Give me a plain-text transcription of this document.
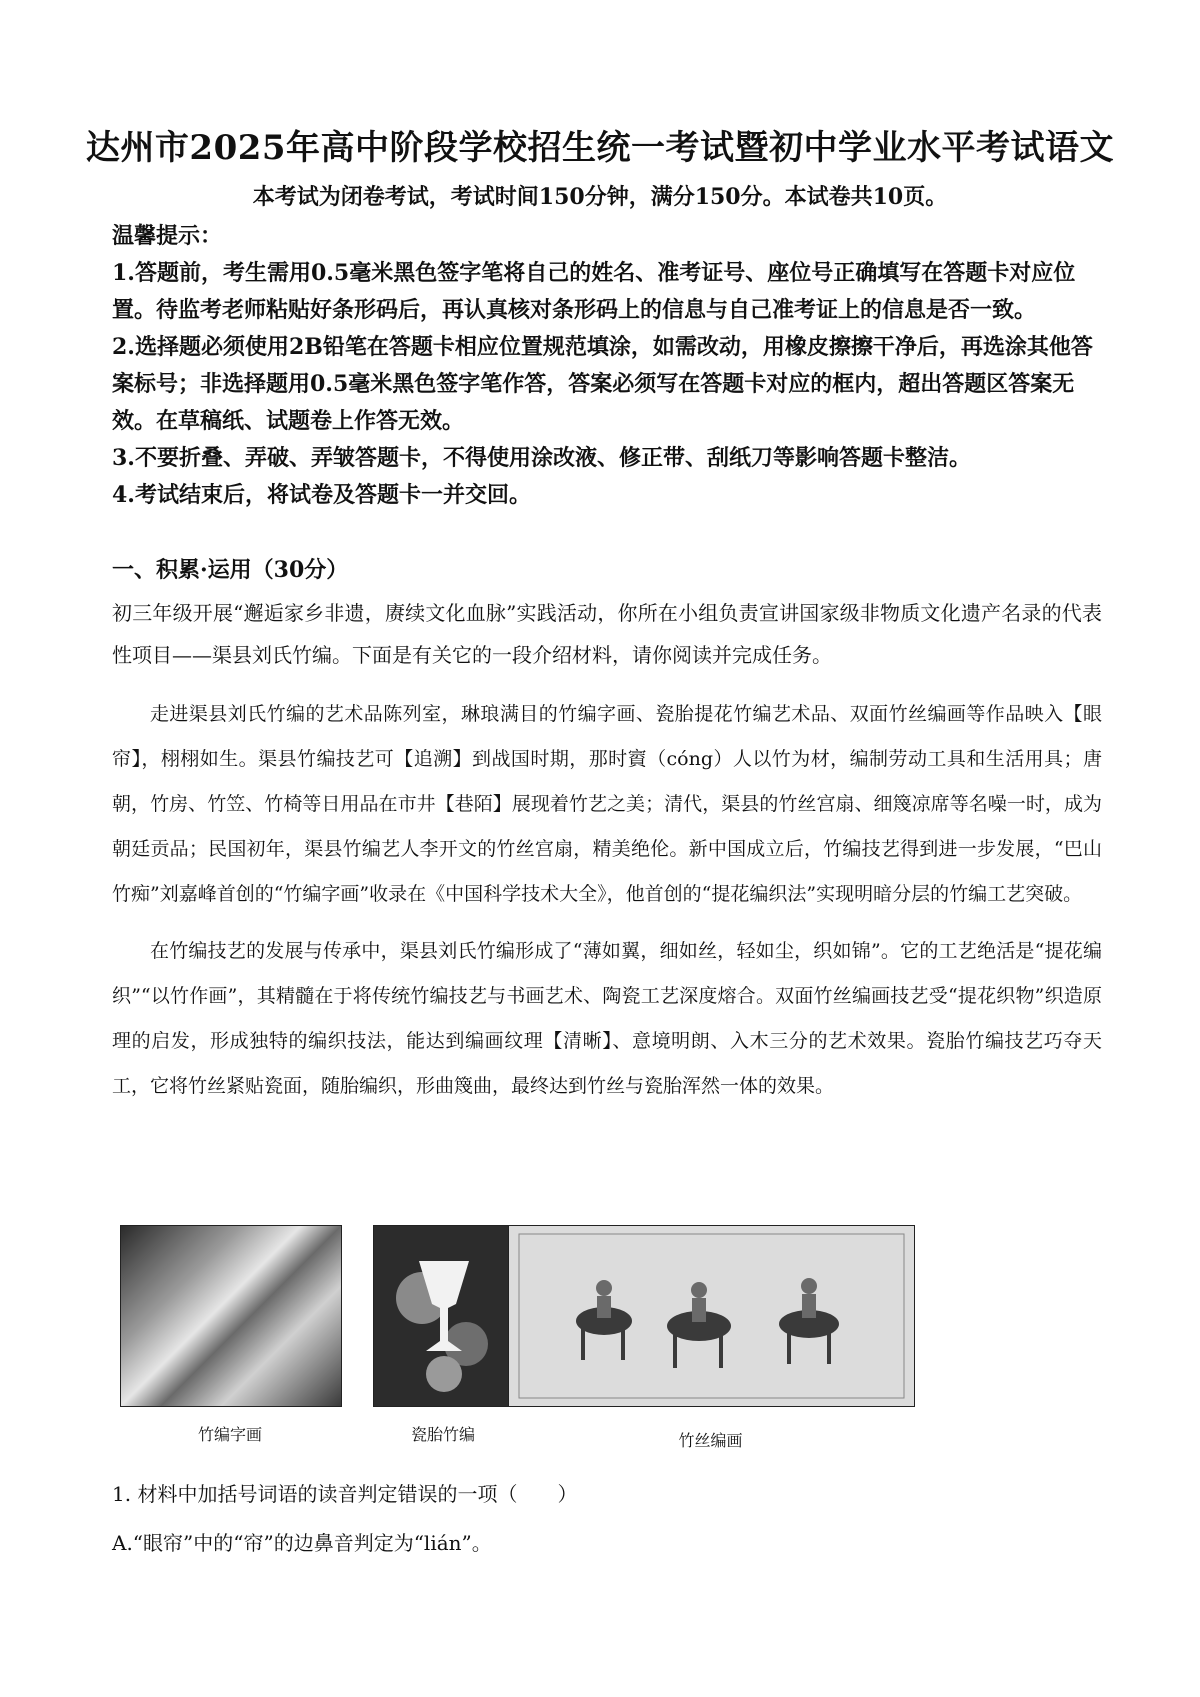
达州市2025年高中阶段学校招生统一考试暨初中学业水平考试语文
本考试为闭卷考试，考试时间150分钟，满分150分。本试卷共10页。

温馨提示：

1.答题前，考生需用0.5毫米黑色签字笔将自己的姓名、准考证号、座位号正确填写在答题卡对应位置。待监考老师粘贴好条形码后，再认真核对条形码上的信息与自己准考证上的信息是否一致。

2.选择题必须使用2B铅笔在答题卡相应位置规范填涂，如需改动，用橡皮擦擦干净后，再选涂其他答案标号；非选择题用0.5毫米黑色签字笔作答，答案必须写在答题卡对应的框内，超出答题区答案无效。在草稿纸、试题卷上作答无效。

3.不要折叠、弄破、弄皱答题卡，不得使用涂改液、修正带、刮纸刀等影响答题卡整洁。

4.考试结束后，将试卷及答题卡一并交回。

一、积累·运用（30分）
初三年级开展“邂逅家乡非遗，赓续文化血脉”实践活动，你所在小组负责宣讲国家级非物质文化遗产名录的代表性项目——渠县刘氏竹编。下面是有关它的一段介绍材料，请你阅读并完成任务。

走进渠县刘氏竹编的艺术品陈列室，琳琅满目的竹编字画、瓷胎提花竹编艺术品、双面竹丝编画等作品映入【眼帘】，栩栩如生。渠县竹编技艺可【追溯】到战国时期，那时賨（cóng）人以竹为材，编制劳动工具和生活用具；唐朝，竹房、竹笠、竹椅等日用品在市井【巷陌】展现着竹艺之美；清代，渠县的竹丝宫扇、细篾凉席等名噪一时，成为朝廷贡品；民国初年，渠县竹编艺人李开文的竹丝宫扇，精美绝伦。新中国成立后，竹编技艺得到进一步发展，“巴山竹痴”刘嘉峰首创的“竹编字画”收录在《中国科学技术大全》，他首创的“提花编织法”实现明暗分层的竹编工艺突破。

在竹编技艺的发展与传承中，渠县刘氏竹编形成了“薄如翼，细如丝，轻如尘，织如锦”。它的工艺绝活是“提花编织”“以竹作画”，其精髓在于将传统竹编技艺与书画艺术、陶瓷工艺深度熔合。双面竹丝编画技艺受“提花织物”织造原理的启发，形成独特的编织技法，能达到编画纹理【清晰】、意境明朗、入木三分的艺术效果。瓷胎竹编技艺巧夺天工，它将竹丝紧贴瓷面，随胎编织，形曲篾曲，最终达到竹丝与瓷胎浑然一体的效果。

竹编字画	瓷胎竹编	竹丝编画
1. 材料中加括号词语的读音判定错误的一项（　　）
A.“眼帘”中的“帘”的边鼻音判定为“lián”。
